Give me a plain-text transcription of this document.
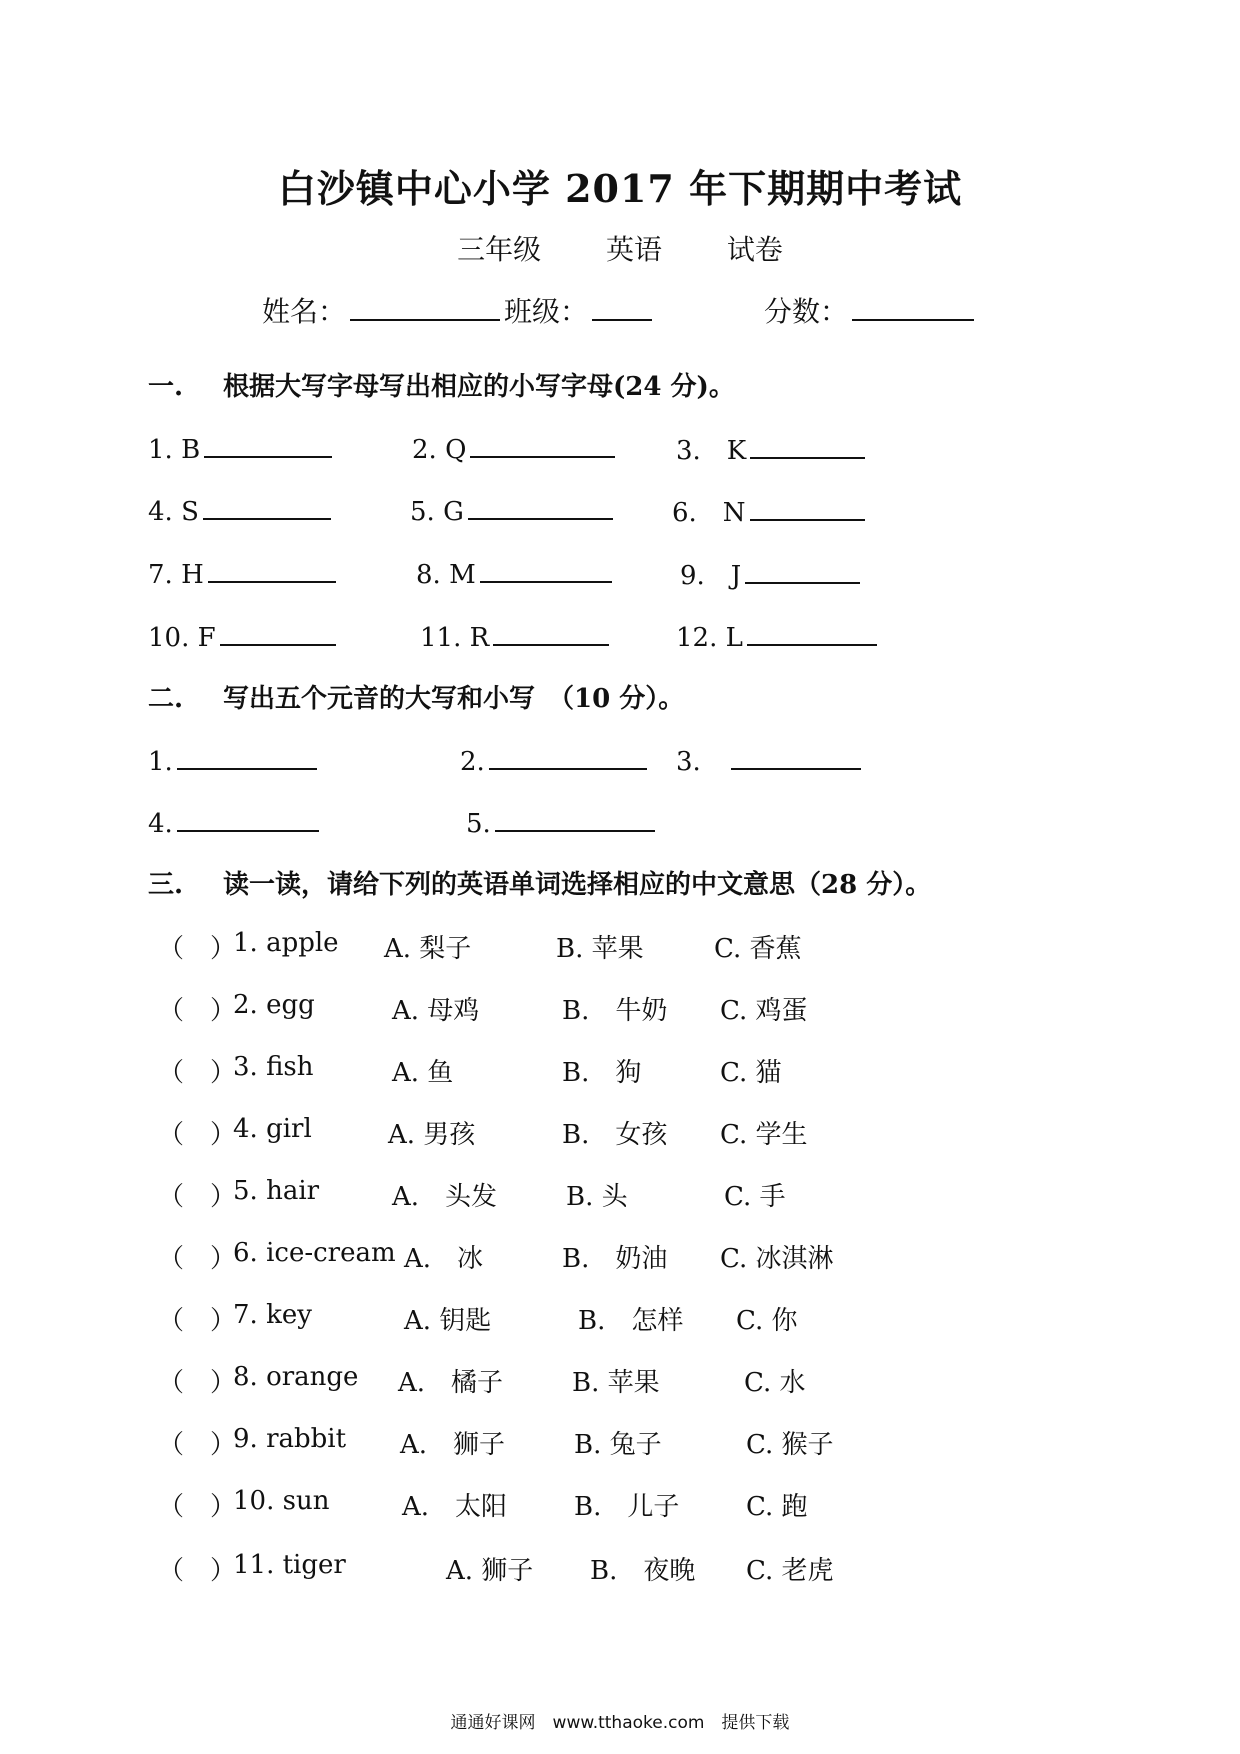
白沙镇中心小学 2017 年下期期中考试
三年级 英语 试卷
姓名：	班级：	分数：
一. 根据大写字母写出相应的小写字母(24 分)。
1. B	2. Q	3.　K
4. S	5. G	6.　N
7. H	8. M	9.　J
10. F	11. R	12. L
二. 写出五个元音的大写和小写　（10 分）。
1.	2.	3.
4.	5.
三. 读一读，请给下列的英语单词选择相应的中文意思（28 分）。
（　）
1. apple A. 梨子	B. 苹果	C. 香蕉
（　）
2. egg	A. 母鸡	B.　牛奶 C. 鸡蛋
（　）
3. fish	A. 鱼	B.　狗	C. 猫
（　）
4. girl	A. 男孩	B.　女孩 C. 学生
（　）
5. hair	A.　头发	B. 头	C. 手
（　）
6. ice-cream A.　冰	B.　奶油 C. 冰淇淋
（　）
7. key	A. 钥匙	B.　怎样 C. 你
（　）
8. orange A.　橘子	B. 苹果	C. 水
（　）
9. rabbit A.　狮子	B. 兔子	C. 猴子
（　）
10. sun	A.　太阳	B.　儿子	C. 跑
（　）
11. tiger	A. 狮子 B.　夜晚 C. 老虎
通通好课网　www.tthaoke.com　提供下载
